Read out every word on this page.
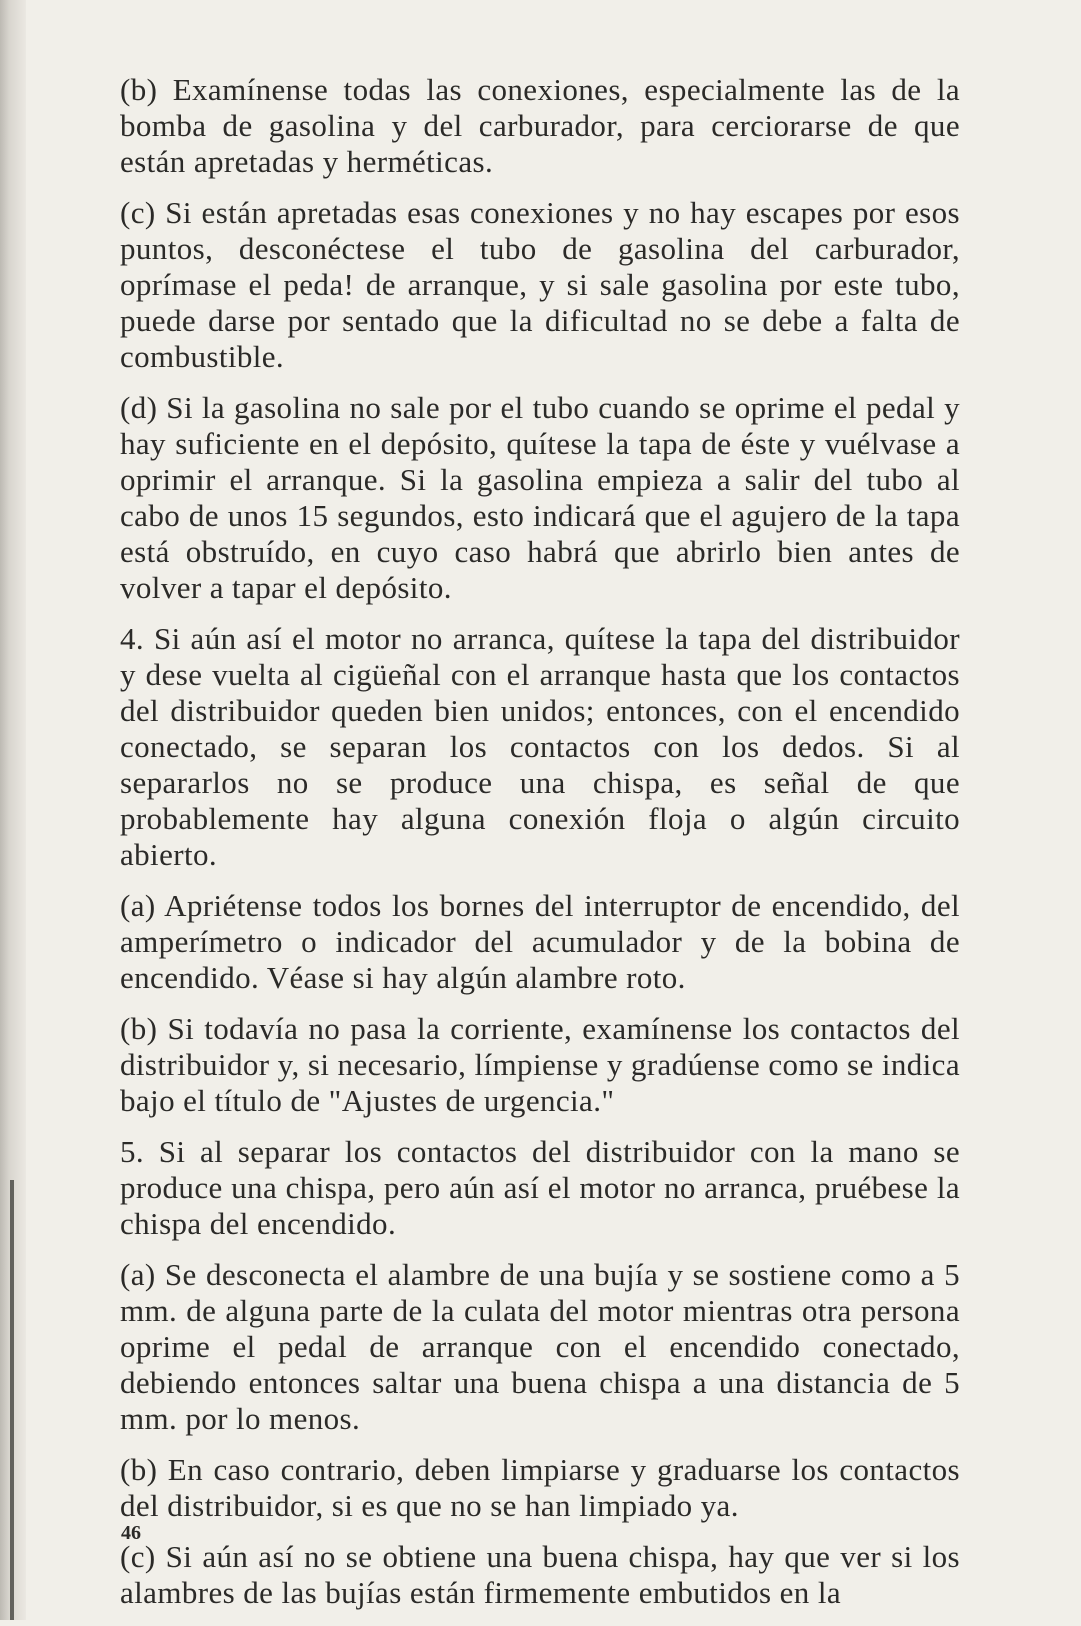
(b) Examínense todas las conexiones, especialmente las de la bomba de gasolina y del carburador, para cerciorarse de que están apretadas y herméticas.

(c) Si están apretadas esas conexiones y no hay escapes por esos puntos, desconéctese el tubo de gasolina del carburador, oprímase el peda! de arranque, y si sale gasolina por este tubo, puede darse por sentado que la dificultad no se debe a falta de combustible.

(d) Si la gasolina no sale por el tubo cuando se oprime el pedal y hay suficiente en el depósito, quítese la tapa de éste y vuélvase a oprimir el arranque. Si la gasolina empieza a salir del tubo al cabo de unos 15 segundos, esto indicará que el agujero de la tapa está obstruído, en cuyo caso habrá que abrirlo bien antes de volver a tapar el depósito.

4. Si aún así el motor no arranca, quítese la tapa del distribuidor y dese vuelta al cigüeñal con el arranque hasta que los contactos del distribuidor queden bien unidos; entonces, con el encendido conectado, se separan los contactos con los dedos. Si al separarlos no se produce una chispa, es señal de que probablemente hay alguna conexión floja o algún circuito abierto.

(a) Apriétense todos los bornes del interruptor de encendido, del amperímetro o indicador del acumulador y de la bobina de encendido. Véase si hay algún alambre roto.

(b) Si todavía no pasa la corriente, examínense los contactos del distribuidor y, si necesario, límpiense y gradúense como se indica bajo el título de "Ajustes de urgencia."

5. Si al separar los contactos del distribuidor con la mano se produce una chispa, pero aún así el motor no arranca, pruébese la chispa del encendido.

(a) Se desconecta el alambre de una bujía y se sostiene como a 5 mm. de alguna parte de la culata del motor mientras otra persona oprime el pedal de arranque con el encendido conectado, debiendo entonces saltar una buena chispa a una distancia de 5 mm. por lo menos.

(b) En caso contrario, deben limpiarse y graduarse los contactos del distribuidor, si es que no se han limpiado ya.

(c) Si aún así no se obtiene una buena chispa, hay que ver si los alambres de las bujías están firmemente embutidos en la

46
